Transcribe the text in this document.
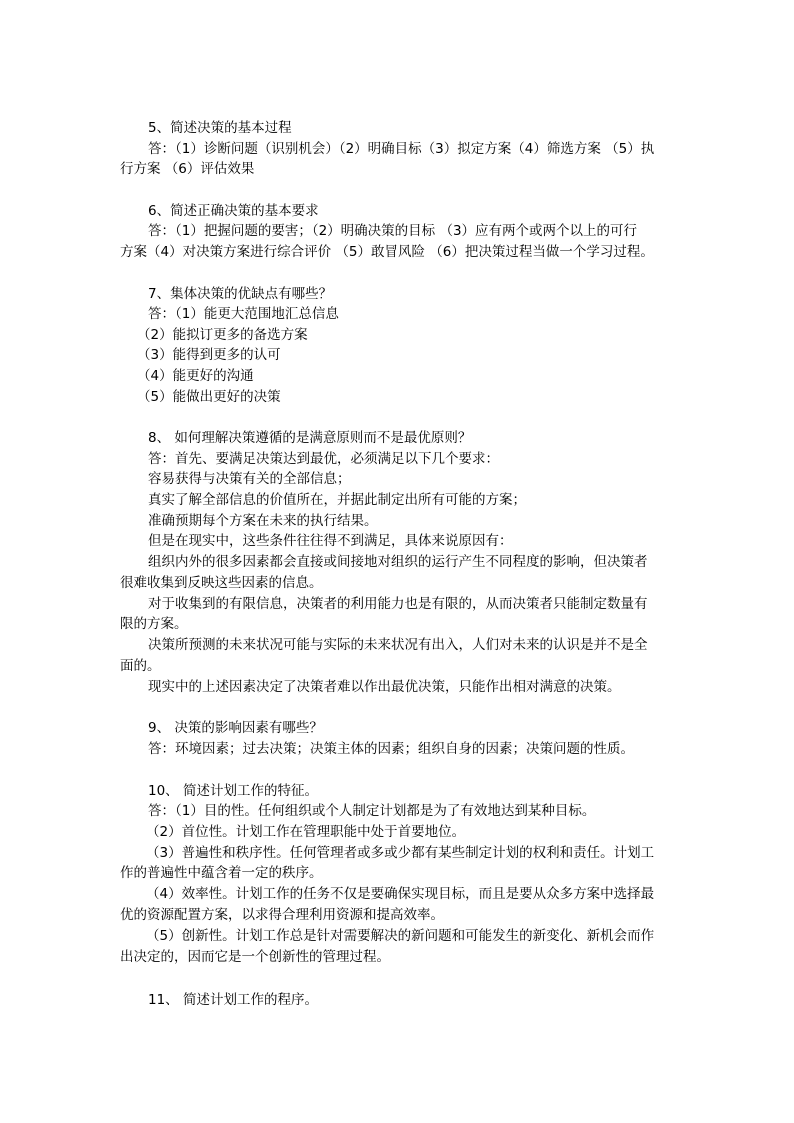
5、简述决策的基本过程
答：（1）诊断问题（识别机会）（2）明确目标（3）拟定方案（4）筛选方案 （5）执
行方案 （6）评估效果
6、简述正确决策的基本要求
答：（1）把握问题的要害；（2）明确决策的目标 （3）应有两个或两个以上的可行
方案（4）对决策方案进行综合评价 （5）敢冒风险 （6）把决策过程当做一个学习过程。
7、集体决策的优缺点有哪些？
答：（1）能更大范围地汇总信息
（2）能拟订更多的备选方案
（3）能得到更多的认可
（4）能更好的沟通
（5）能做出更好的决策
8、 如何理解决策遵循的是满意原则而不是最优原则？
答：首先、要满足决策达到最优，必须满足以下几个要求：
容易获得与决策有关的全部信息；
真实了解全部信息的价值所在，并据此制定出所有可能的方案；
准确预期每个方案在未来的执行结果。
但是在现实中，这些条件往往得不到满足，具体来说原因有：
组织内外的很多因素都会直接或间接地对组织的运行产生不同程度的影响，但决策者
很难收集到反映这些因素的信息。
对于收集到的有限信息，决策者的利用能力也是有限的，从而决策者只能制定数量有
限的方案。
决策所预测的未来状况可能与实际的未来状况有出入，人们对未来的认识是并不是全
面的。
现实中的上述因素决定了决策者难以作出最优决策，只能作出相对满意的决策。
9、 决策的影响因素有哪些？
答：环境因素；过去决策；决策主体的因素；组织自身的因素；决策问题的性质。
10、 简述计划工作的特征。
答：（1）目的性。任何组织或个人制定计划都是为了有效地达到某种目标。
（2）首位性。计划工作在管理职能中处于首要地位。
（3）普遍性和秩序性。任何管理者或多或少都有某些制定计划的权利和责任。计划工
作的普遍性中蕴含着一定的秩序。
（4）效率性。计划工作的任务不仅是要确保实现目标，而且是要从众多方案中选择最
优的资源配置方案，以求得合理利用资源和提高效率。
（5）创新性。计划工作总是针对需要解决的新问题和可能发生的新变化、新机会而作
出决定的，因而它是一个创新性的管理过程。
11、 简述计划工作的程序。
